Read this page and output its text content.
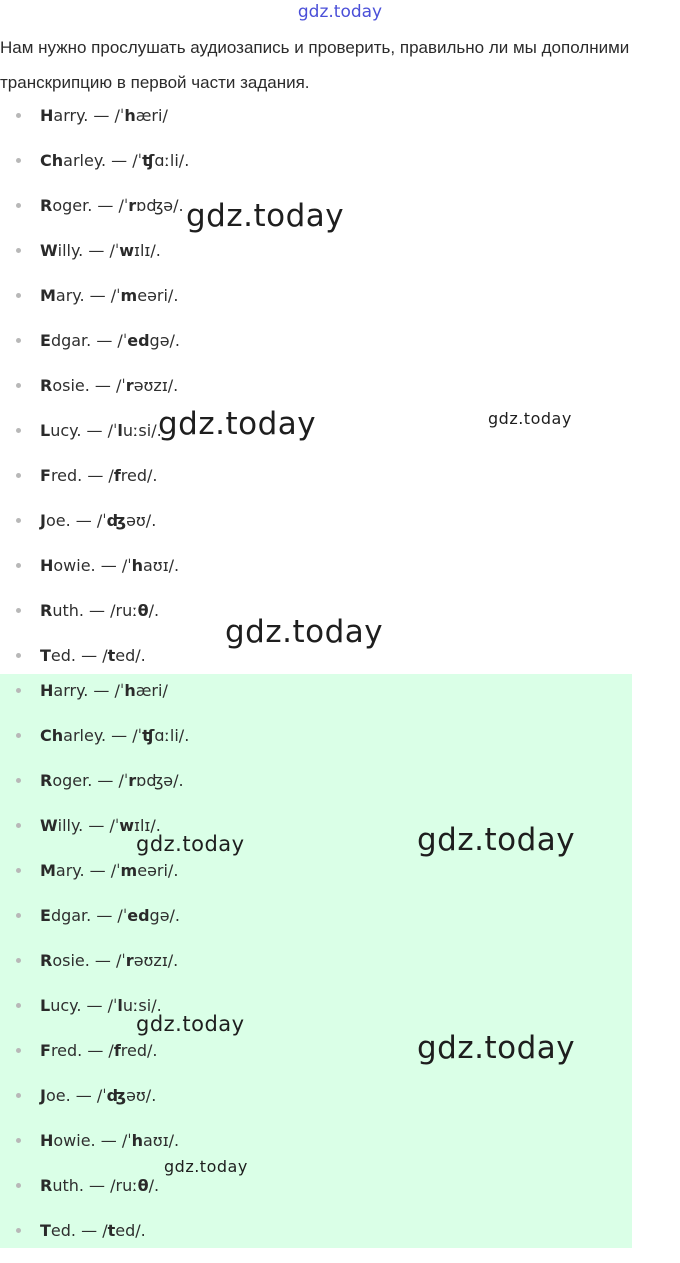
gdz.today

Нам нужно прослушать аудиозапись и проверить, правильно ли мы дополними транскрипцию в первой части задания.

Harry. — /ˈhæri/
Charley. — /ˈʧɑːli/.
Roger. — /ˈrɒʤə/.
Willy. — /ˈwɪlɪ/.
Mary. — /ˈmeəri/.
Edgar. — /ˈedgə/.
Rosie. — /ˈrəʊzɪ/.
Lucy. — /ˈluːsi/.
Fred. — /fred/.
Joe. — /ˈʤəʊ/.
Howie. — /ˈhaʊɪ/.
Ruth. — /ruːθ/.
Ted. — /ted/.
Harry. — /ˈhæri/
Charley. — /ˈʧɑːli/.
Roger. — /ˈrɒʤə/.
Willy. — /ˈwɪlɪ/.
Mary. — /ˈmeəri/.
Edgar. — /ˈedgə/.
Rosie. — /ˈrəʊzɪ/.
Lucy. — /ˈluːsi/.
Fred. — /fred/.
Joe. — /ˈʤəʊ/.
Howie. — /ˈhaʊɪ/.
Ruth. — /ruːθ/.
Ted. — /ted/.
gdz.today
gdz.today	gdz.today
gdz.today
gdz.today	gdz.today
gdz.today
gdz.today
gdz.today
